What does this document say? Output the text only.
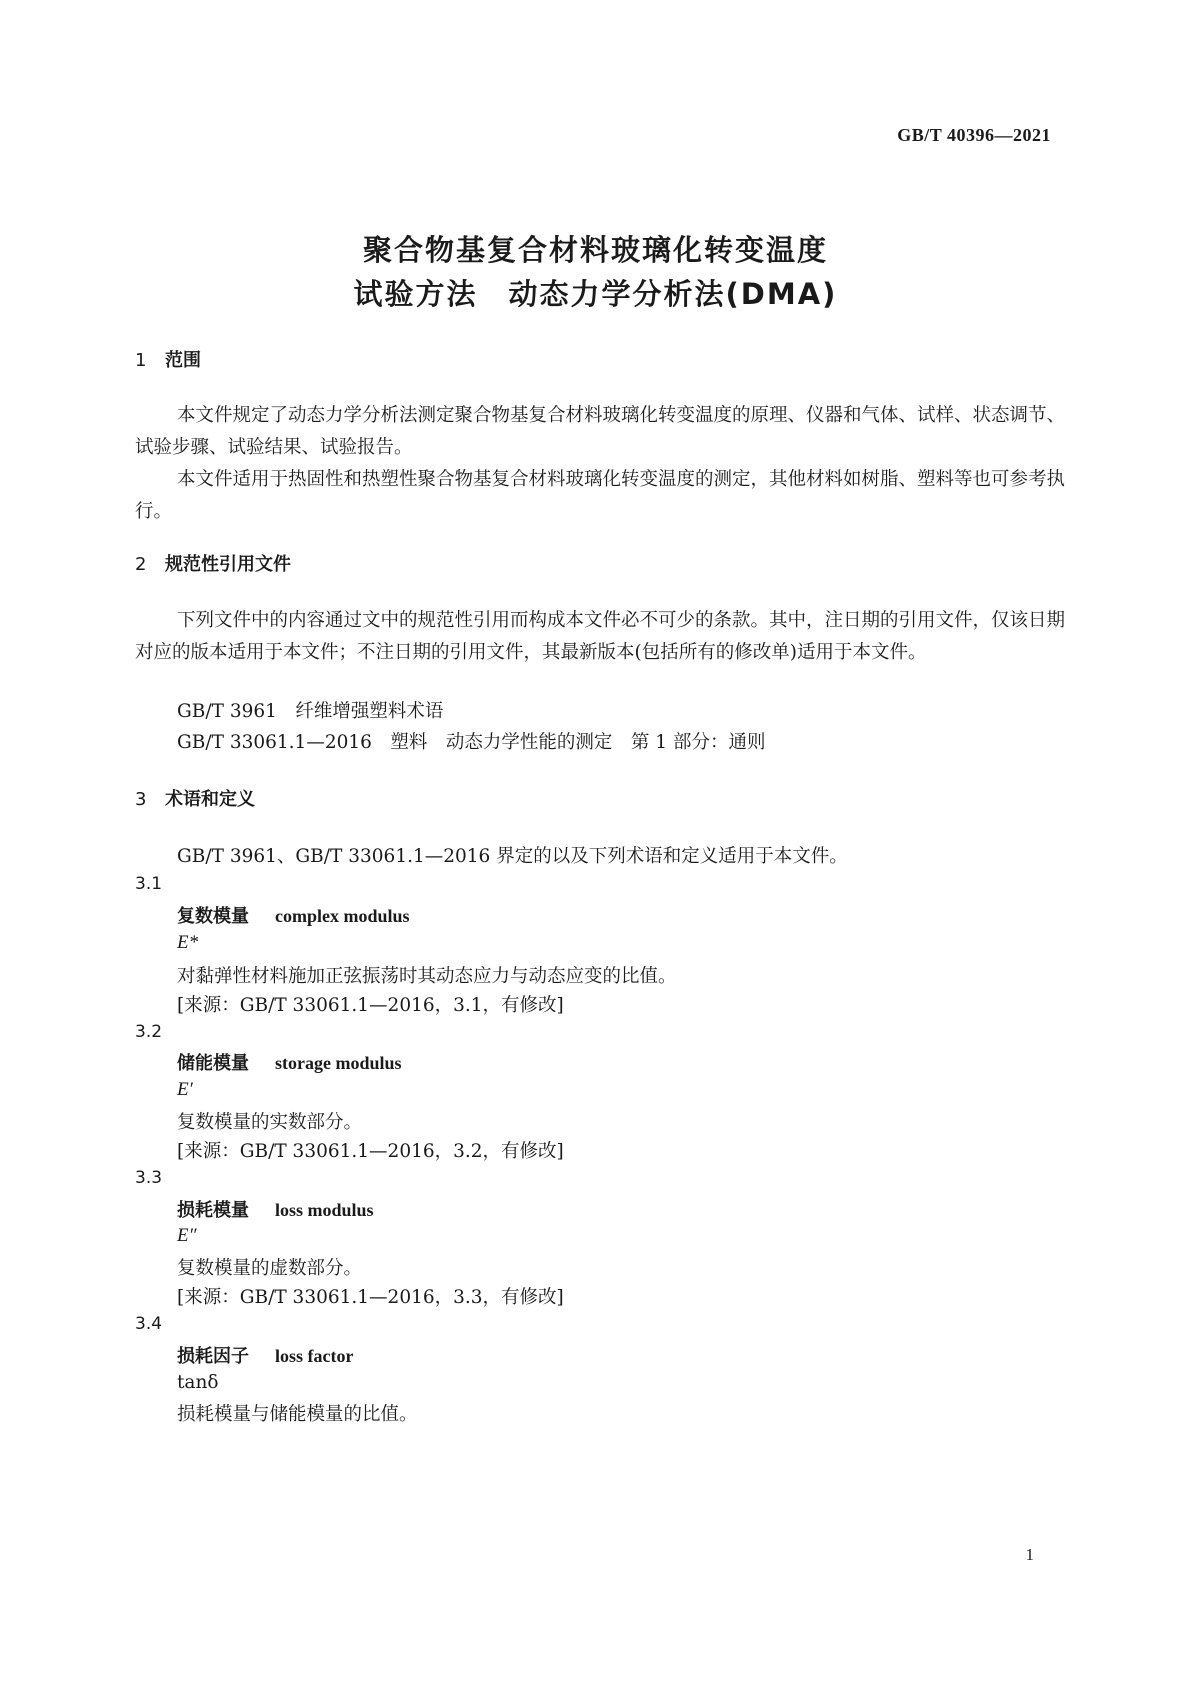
GB/T 40396—2021
聚合物基复合材料玻璃化转变温度
试验方法　动态力学分析法(DMA)
1 范围
本文件规定了动态力学分析法测定聚合物基复合材料玻璃化转变温度的原理、仪器和气体、试样、状态调节、试验步骤、试验结果、试验报告。
本文件适用于热固性和热塑性聚合物基复合材料玻璃化转变温度的测定，其他材料如树脂、塑料等也可参考执行。
2 规范性引用文件
下列文件中的内容通过文中的规范性引用而构成本文件必不可少的条款。其中，注日期的引用文件，仅该日期对应的版本适用于本文件；不注日期的引用文件，其最新版本(包括所有的修改单)适用于本文件。
GB/T 3961　纤维增强塑料术语
GB/T 33061.1—2016　塑料　动态力学性能的测定　第 1 部分：通则
3 术语和定义
GB/T 3961、GB/T 33061.1—2016 界定的以及下列术语和定义适用于本文件。
3.1
复数模量 complex modulus
E*
对黏弹性材料施加正弦振荡时其动态应力与动态应变的比值。
[来源：GB/T 33061.1—2016，3.1，有修改]
3.2
储能模量 storage modulus
E′
复数模量的实数部分。
[来源：GB/T 33061.1—2016，3.2，有修改]
3.3
损耗模量 loss modulus
E″
复数模量的虚数部分。
[来源：GB/T 33061.1—2016，3.3，有修改]
3.4
损耗因子 loss factor
tanδ
损耗模量与储能模量的比值。
1
